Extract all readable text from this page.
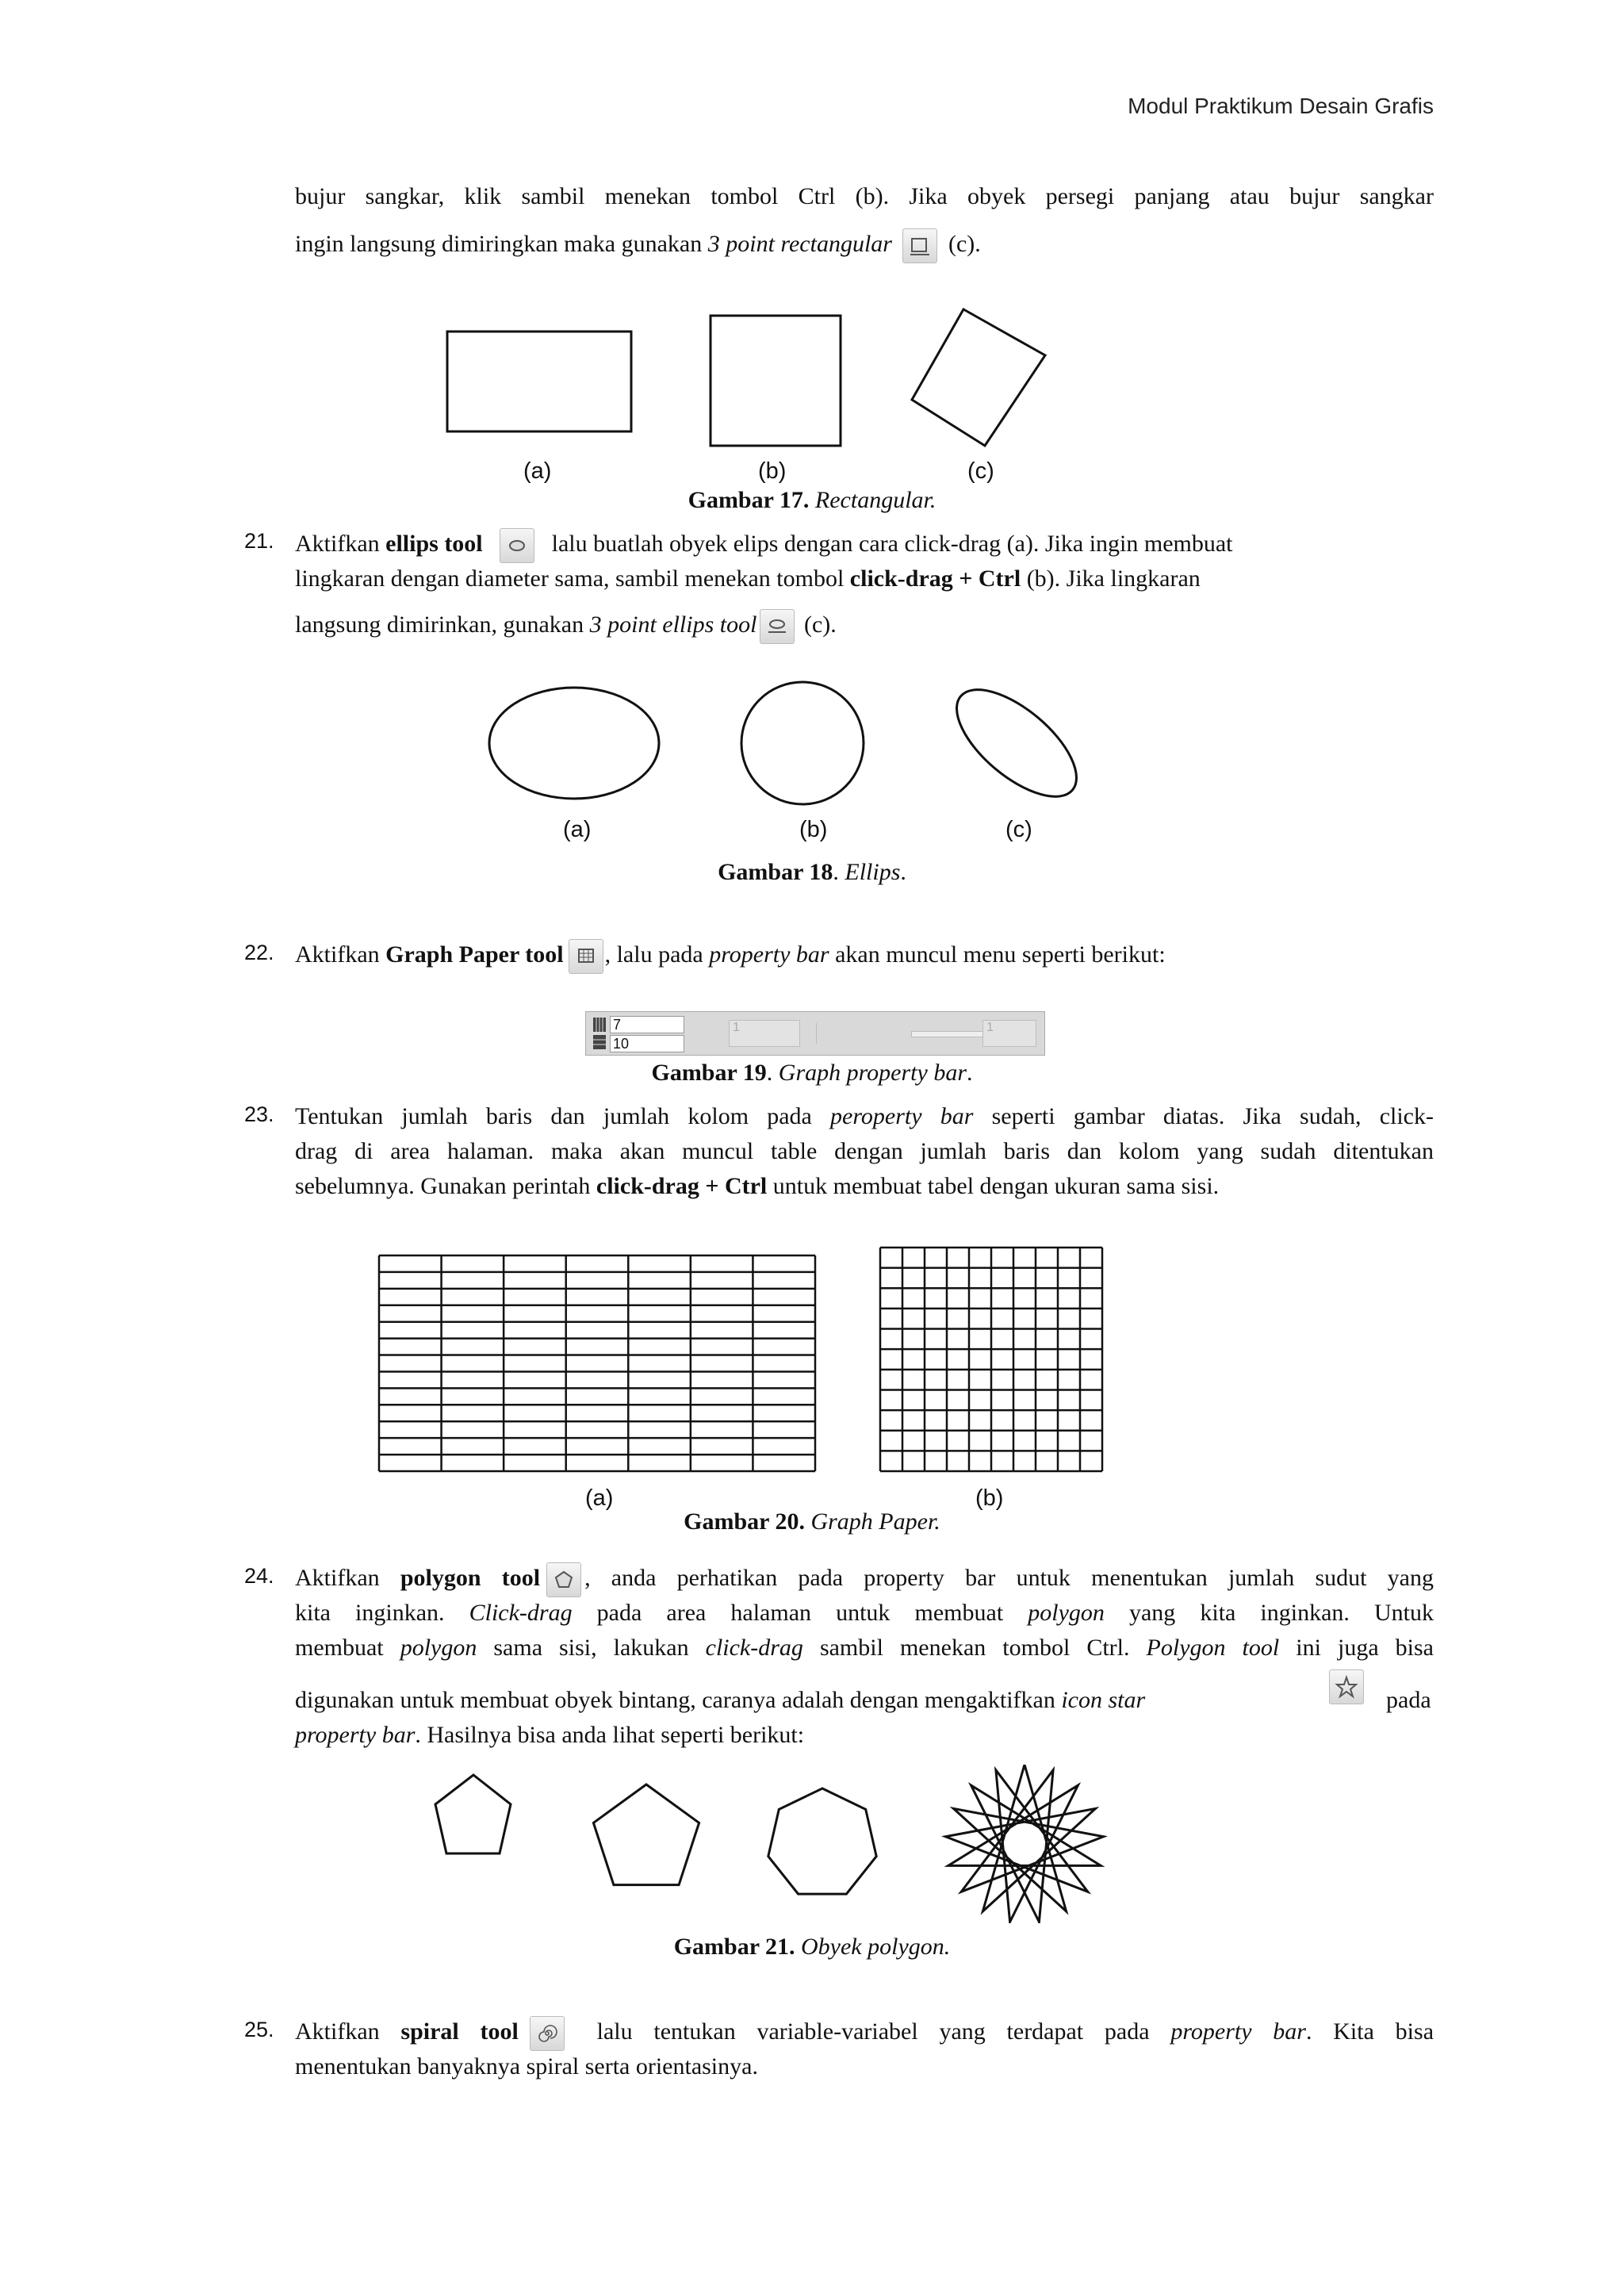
Modul Praktikum Desain Grafis
bujur sangkar, klik sambil menekan tombol Ctrl (b). Jika obyek persegi panjang atau bujur sangkar
ingin langsung dimiringkan maka gunakan 3 point rectangular
(c).
(a)	(b)	(c)
Gambar 17. Rectangular.
21. Aktifkan ellips tool	lalu buatlah obyek elips dengan cara click-drag (a). Jika ingin membuat
lingkaran dengan diameter sama, sambil menekan tombol click-drag + Ctrl (b). Jika lingkaran
langsung dimirinkan, gunakan 3 point ellips tool
(c).
(a)	(b)	(c)
Gambar 18. Ellips.
22. Aktifkan Graph Paper tool , lalu pada property bar akan muncul menu seperti berikut:
7
10
1	1
Gambar 19. Graph property bar.
23. Tentukan jumlah baris dan jumlah kolom pada peroperty bar seperti gambar diatas. Jika sudah, click-
drag di area halaman. maka akan muncul table dengan jumlah baris dan kolom yang sudah ditentukan
sebelumnya. Gunakan perintah click-drag + Ctrl untuk membuat tabel dengan ukuran sama sisi.
(a)	(b)
Gambar 20. Graph Paper.
24. Aktifkan polygon tool , anda perhatikan pada property bar untuk menentukan jumlah sudut yang
kita inginkan. Click-drag pada area halaman untuk membuat polygon yang kita inginkan. Untuk
membuat polygon sama sisi, lakukan click-drag sambil menekan tombol Ctrl. Polygon tool ini juga bisa
digunakan untuk membuat obyek bintang, caranya adalah dengan mengaktifkan icon star	pada
property bar. Hasilnya bisa anda lihat seperti berikut:
Gambar 21. Obyek polygon.
25. Aktifkan spiral tool
lalu tentukan variable-variabel yang terdapat pada property bar. Kita bisa
menentukan banyaknya spiral serta orientasinya.
